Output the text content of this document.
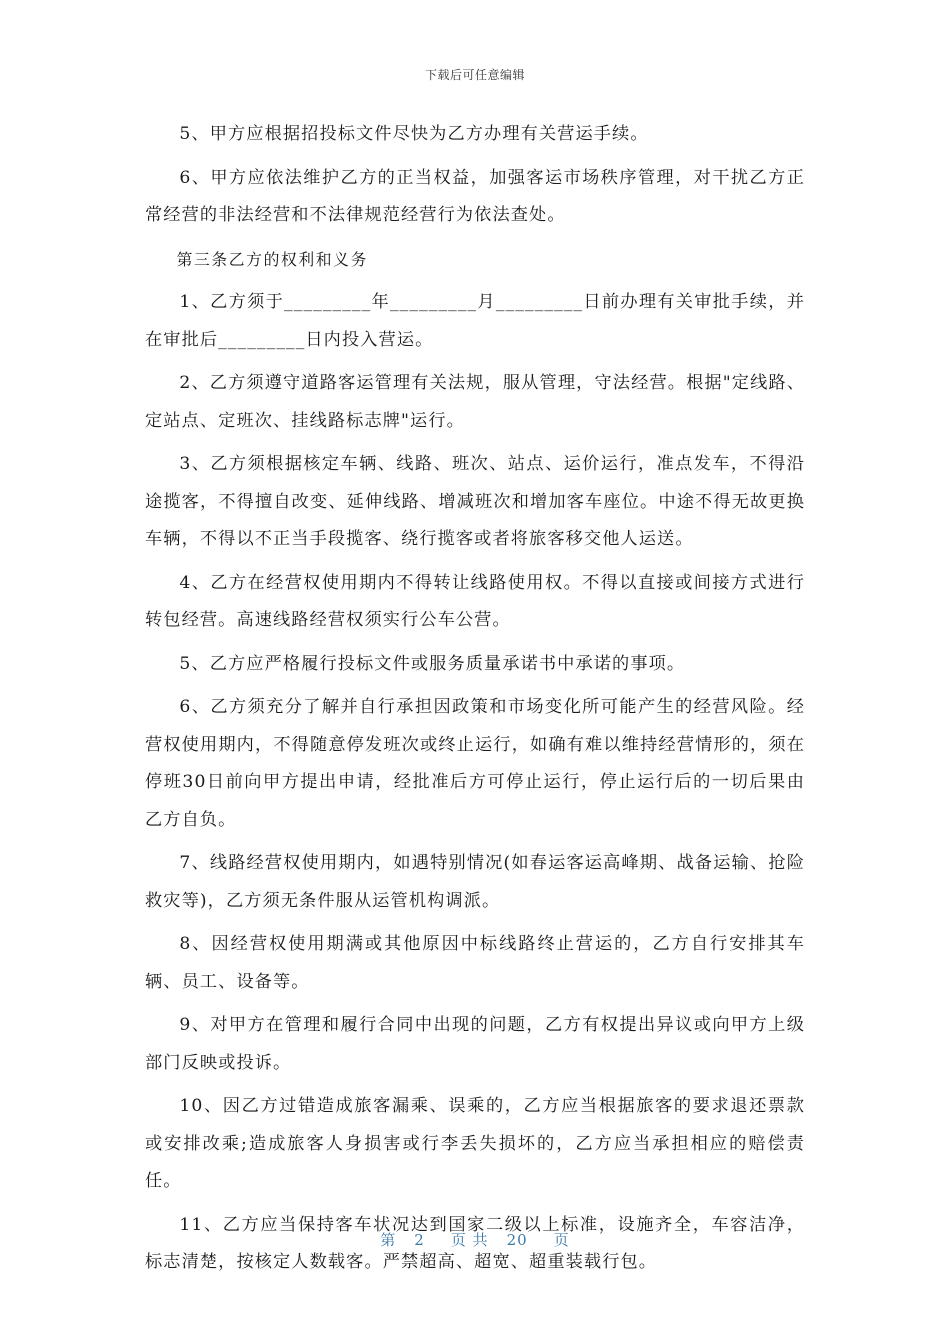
下载后可任意编辑

5、甲方应根据招投标文件尽快为乙方办理有关营运手续。

6、甲方应依法维护乙方的正当权益，加强客运市场秩序管理，对干扰乙方正常经营的非法经营和不法律规范经营行为依法查处。

第三条乙方的权利和义务

1、乙方须于_________年_________月_________日前办理有关审批手续，并在审批后_________日内投入营运。

2、乙方须遵守道路客运管理有关法规，服从管理，守法经营。根据"定线路、定站点、定班次、挂线路标志牌"运行。

3、乙方须根据核定车辆、线路、班次、站点、运价运行，准点发车，不得沿途揽客，不得擅自改变、延伸线路、增减班次和增加客车座位。中途不得无故更换车辆，不得以不正当手段揽客、绕行揽客或者将旅客移交他人运送。

4、乙方在经营权使用期内不得转让线路使用权。不得以直接或间接方式进行转包经营。高速线路经营权须实行公车公营。

5、乙方应严格履行投标文件或服务质量承诺书中承诺的事项。

6、乙方须充分了解并自行承担因政策和市场变化所可能产生的经营风险。经营权使用期内，不得随意停发班次或终止运行，如确有难以维持经营情形的，须在停班30日前向甲方提出申请，经批准后方可停止运行，停止运行后的一切后果由乙方自负。

7、线路经营权使用期内，如遇特别情况(如春运客运高峰期、战备运输、抢险救灾等)，乙方须无条件服从运管机构调派。

8、因经营权使用期满或其他原因中标线路终止营运的，乙方自行安排其车辆、员工、设备等。

9、对甲方在管理和履行合同中出现的问题，乙方有权提出异议或向甲方上级部门反映或投诉。

10、因乙方过错造成旅客漏乘、误乘的，乙方应当根据旅客的要求退还票款或安排改乘;造成旅客人身损害或行李丢失损坏的，乙方应当承担相应的赔偿责任。

11、乙方应当保持客车状况达到国家二级以上标准，设施齐全，车容洁净，标志清楚，按核定人数载客。严禁超高、超宽、超重装载行包。

第 2 页 共 20 页
